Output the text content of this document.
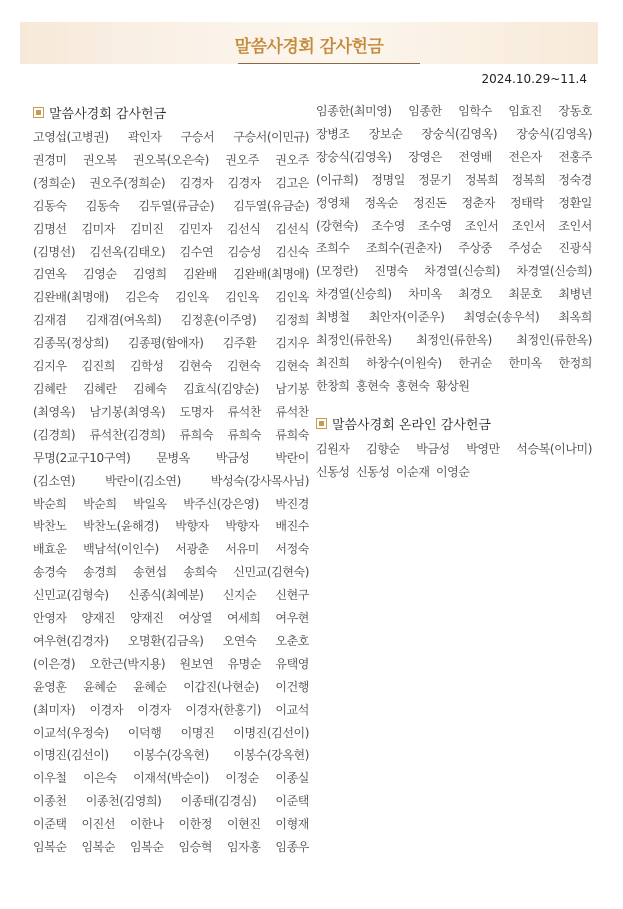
말씀사경회 감사헌금
2024.10.29~11.4
말씀사경회 감사헌금
고영섭(고병권) 곽인자 구승서 구승서(이민규)
권경미 권오복 권오복(오은숙) 권오주 권오주
(정희순) 권오주(정희순) 김경자 김경자 김고은
김동숙 김동숙 김두열(류금순) 김두열(유금순)
김명선 김미자 김미진 김민자 김선식 김선식
(김명선) 김선옥(김태오) 김수연 김승성 김신숙
김연옥 김영순 김영희 김완배 김완배(최명애)
김완배(최명애) 김은숙 김인옥 김인옥 김인옥
김재겸 김재겸(여옥희) 김정훈(이주영) 김정희
김종목(정상희) 김종평(함애자) 김주환 김지우
김지우 김진희 김학성 김현숙 김현숙 김현숙
김혜란 김혜란 김혜숙 김효식(김양순) 남기봉
(최영옥) 남기봉(최영옥) 도명자 류석찬 류석찬
(김경희) 류석찬(김경희) 류희숙 류희숙 류희숙
무명(2교구10구역) 문병옥 박금성 박란이
(김소연) 박란이(김소연) 박성숙(강사목사님)
박순희 박순희 박일옥 박주신(강은영) 박진경
박찬노 박찬노(윤해경) 박향자 박향자 배진수
배효운 백남석(이인수) 서광춘 서유미 서정숙
송경숙 송경희 송현섭 송희숙 신민교(김현숙)
신민교(김형숙) 신종식(최예분) 신지순 신현구
안영자 양재진 양재진 여상열 여세희 여우현
여우현(김경자) 오명환(김금옥) 오연숙 오춘호
(이은경) 오한근(박지용) 원보연 유명순 유택영
윤영훈 윤혜순 윤혜순 이갑진(나현순) 이건행
(최미자) 이경자 이경자 이경자(한홍기) 이교석
이교석(우정숙) 이덕행 이명진 이명진(김선이)
이명진(김선이) 이봉수(강옥현) 이봉수(강옥현)
이우철 이은숙 이재석(박순이) 이정순 이종실
이종천 이종천(김영희) 이종태(김경심) 이준택
이준택 이진선 이한나 이한정 이현진 이형재
임복순 임복순 임복순 임승혁 임자홍 임종우
임종한(최미영) 임종한 임학수 임효진 장동호
장병조 장보순 장숭식(김영옥) 장숭식(김영옥)
장숭식(김영옥) 장영은 전영배 전은자 전홍주
(이규희) 정명일 정문기 정복희 정복희 정숙경
정영채 정옥순 정진돈 정춘자 정태락 정환일
(강현숙) 조수영 조수영 조인서 조인서 조인서
조희수 조희수(권춘자) 주상중 주성순 진광식
(모정란) 진명숙 차경열(신승희) 차경열(신승희)
차경열(신승희) 차미옥 최경오 최문호 최병년
최병철 최안자(이준우) 최영순(송우석) 최옥희
최정인(류한옥) 최정인(류한옥) 최정인(류한옥)
최진희 하창수(이원숙) 한귀순 한미옥 한정희
한창희 홍현숙 홍현숙 황상원
말씀사경회 온라인 감사헌금
김원자 김향순 박금성 박영만 석승복(이나미)
신동성 신동성 이순재 이영순
